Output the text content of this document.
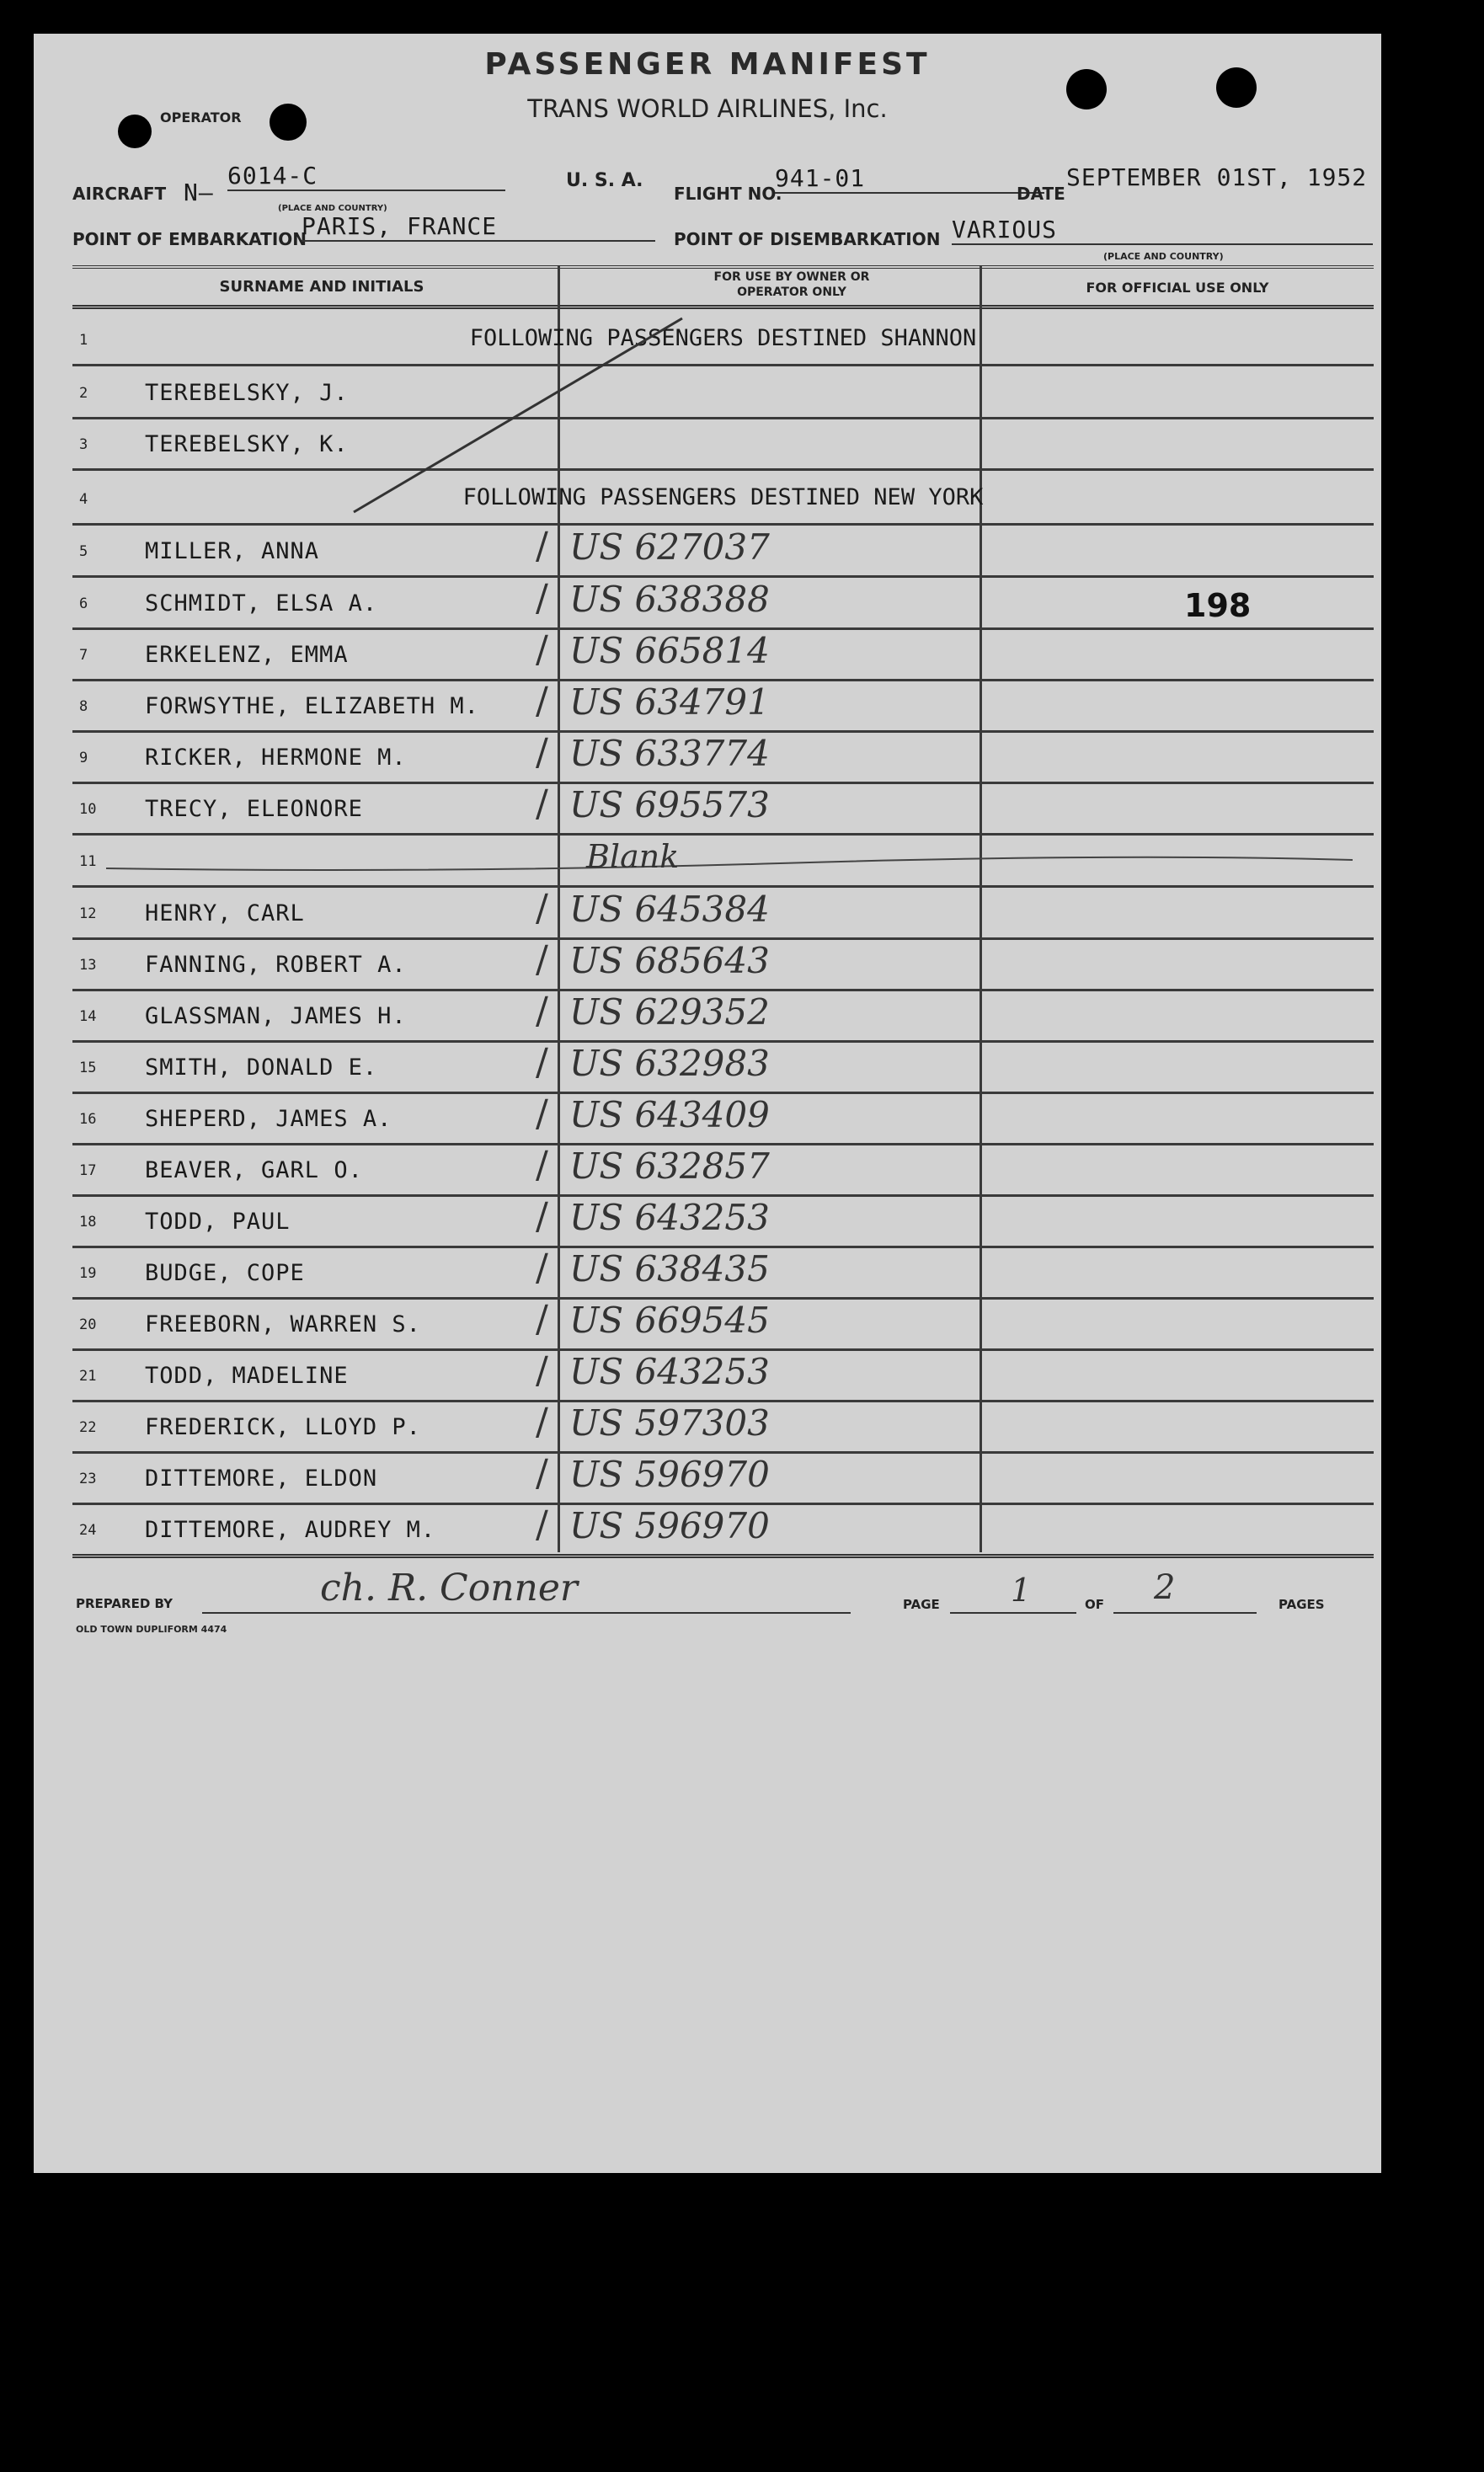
PASSENGER MANIFEST
TRANS WORLD AIRLINES, Inc.
OPERATOR
AIRCRAFT N—
6014-C	U. S. A.
FLIGHT NO.
941-01
DATE
SEPTEMBER 01ST, 1952
(PLACE AND COUNTRY)
POINT OF EMBARKATION
PARIS, FRANCE	POINT OF DISEMBARKATION VARIOUS
(PLACE AND COUNTRY)
SURNAME AND INITIALS
FOR USE BY OWNER OR OPERATOR ONLY	FOR OFFICIAL USE ONLY
1	FOLLOWING PASSENGERS DESTINED SHANNON
2	TEREBELSKY, J.
3	TEREBELSKY, K.
4	FOLLOWING PASSENGERS DESTINED NEW YORK
5	MILLER, ANNA	/ US 627037
6	SCHMIDT, ELSA A.	/ US 638388	198
7	ERKELENZ, EMMA	/ US 665814
8	FORWSYTHE, ELIZABETH M. / US 634791
9	RICKER, HERMONE M.	/ US 633774
10	TRECY, ELEONORE	/ US 695573
11	Blank
12	HENRY, CARL	/ US 645384
13	FANNING, ROBERT A.	/ US 685643
14	GLASSMAN, JAMES H.	/ US 629352
15	SMITH, DONALD E.	/ US 632983
16	SHEPERD, JAMES A.	/ US 643409
17	BEAVER, GARL O.	/ US 632857
18	TODD, PAUL	/ US 643253
19	BUDGE, COPE	/ US 638435
20	FREEBORN, WARREN S.	/ US 669545
21	TODD, MADELINE	/ US 643253
22	FREDERICK, LLOYD P.	/ US 597303
23	DITTEMORE, ELDON	/ US 596970
24	DITTEMORE, AUDREY M.	/ US 596970
PREPARED BY	ch. R. Conner	PAGE 1	OF 2	PAGES
OLD TOWN DUPLIFORM 4474
